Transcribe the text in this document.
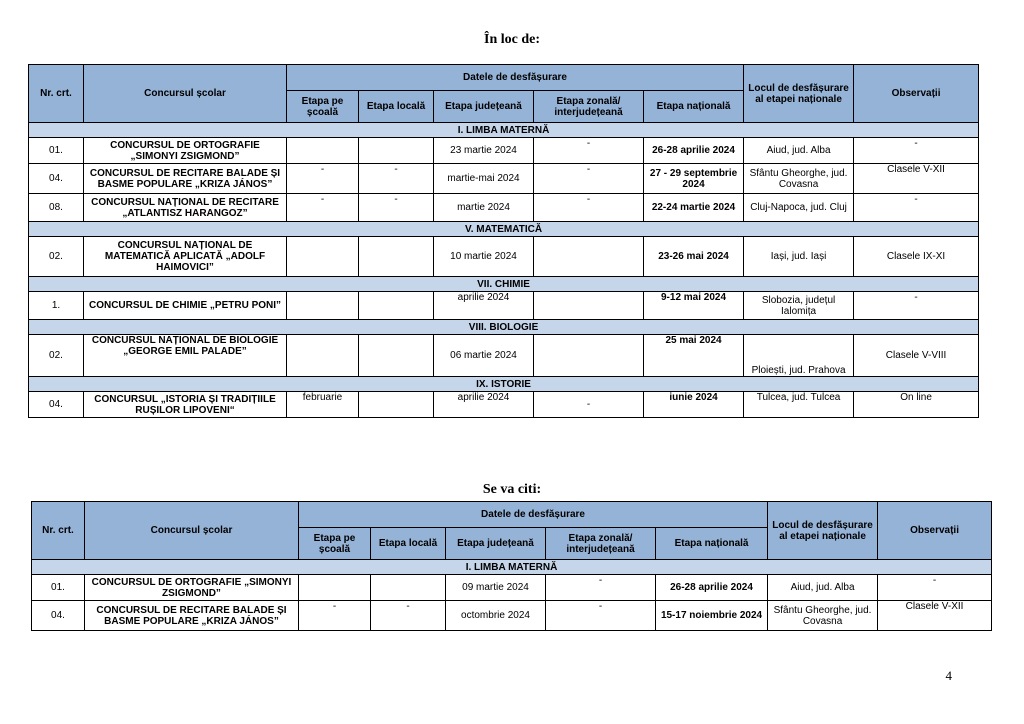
În loc de:
Nr. crt.	Concursul școlar	Datele de desfășurare					Locul de desfășurare al etapei naționale	Observații
		Etapa pe școală	Etapa locală	Etapa județeană	Etapa zonală/ interjudețeană	Etapa națională		
I. LIMBA MATERNĂ								
01.	CONCURSUL DE ORTOGRAFIE „SIMONYI ZSIGMOND”			23 martie 2024	-	26-28 aprilie 2024	Aiud, jud. Alba	-
04.	CONCURSUL DE RECITARE BALADE ȘI BASME POPULARE „KRIZA JÁNOS”	-	-	martie-mai 2024	-	27 - 29 septembrie 2024	Sfântu Gheorghe, jud. Covasna	Clasele V-XII
08.	CONCURSUL NAȚIONAL DE RECITARE „ATLANTISZ HARANGOZ”	-	-	martie 2024	-	22-24 martie 2024	Cluj-Napoca, jud. Cluj	-
V. MATEMATICĂ								
02.	CONCURSUL NAȚIONAL DE MATEMATICĂ APLICATĂ „ADOLF HAIMOVICI”			10 martie 2024		23-26 mai 2024	Iași, jud. Iași	Clasele IX-XI
VII. CHIMIE								
1.	CONCURSUL DE CHIMIE „PETRU PONI”			aprilie 2024		9-12 mai 2024	Slobozia, județul Ialomița	-
VIII. BIOLOGIE								
02.	CONCURSUL NAȚIONAL DE BIOLOGIE „GEORGE EMIL PALADE”			06 martie 2024		25 mai 2024	Ploiești, jud. Prahova	Clasele V-VIII
IX. ISTORIE								
04.	CONCURSUL „ISTORIA ȘI TRADIȚIILE RUȘILOR LIPOVENI“	februarie		aprilie 2024	-	iunie 2024	Tulcea, jud. Tulcea	On line
Se va citi:
Nr. crt.	Concursul școlar	Datele de desfășurare					Locul de desfășurare al etapei naționale	Observații
		Etapa pe școală	Etapa locală	Etapa județeană	Etapa zonală/ interjudețeană	Etapa națională		
I. LIMBA MATERNĂ								
01.	CONCURSUL DE ORTOGRAFIE „SIMONYI ZSIGMOND”			09 martie 2024	-	26-28 aprilie 2024	Aiud, jud. Alba	-
04.	CONCURSUL DE RECITARE BALADE ȘI BASME POPULARE „KRIZA JÁNOS”	-	-	octombrie 2024	-	15-17 noiembrie 2024	Sfântu Gheorghe, jud. Covasna	Clasele V-XII
4
